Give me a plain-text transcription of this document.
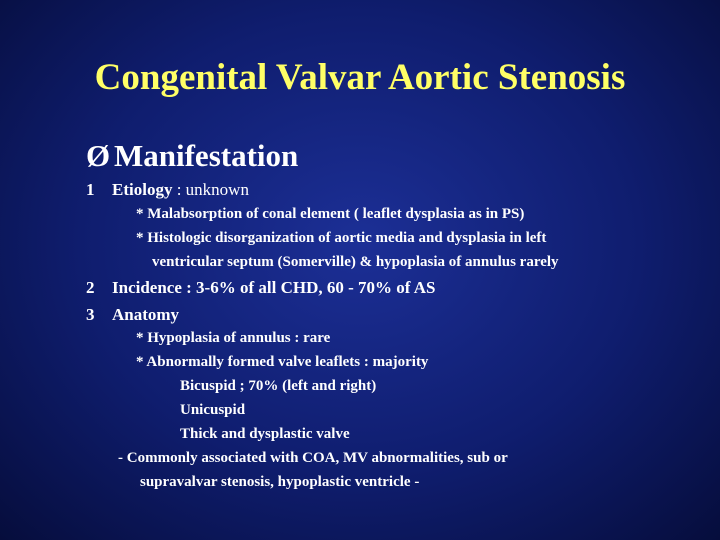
Congenital Valvar Aortic Stenosis
Ø Manifestation
1 Etiology : unknown
* Malabsorption of conal element ( leaflet dysplasia as in PS)
* Histologic disorganization of aortic media and dysplasia in left
ventricular septum (Somerville) & hypoplasia of annulus rarely
2 Incidence : 3-6% of all CHD, 60 - 70% of AS
3 Anatomy
* Hypoplasia of annulus : rare
* Abnormally formed valve leaflets : majority
Bicuspid ; 70% (left and right)
Unicuspid
Thick and dysplastic valve
- Commonly associated with COA, MV abnormalities, sub or
supravalvar stenosis, hypoplastic ventricle -
